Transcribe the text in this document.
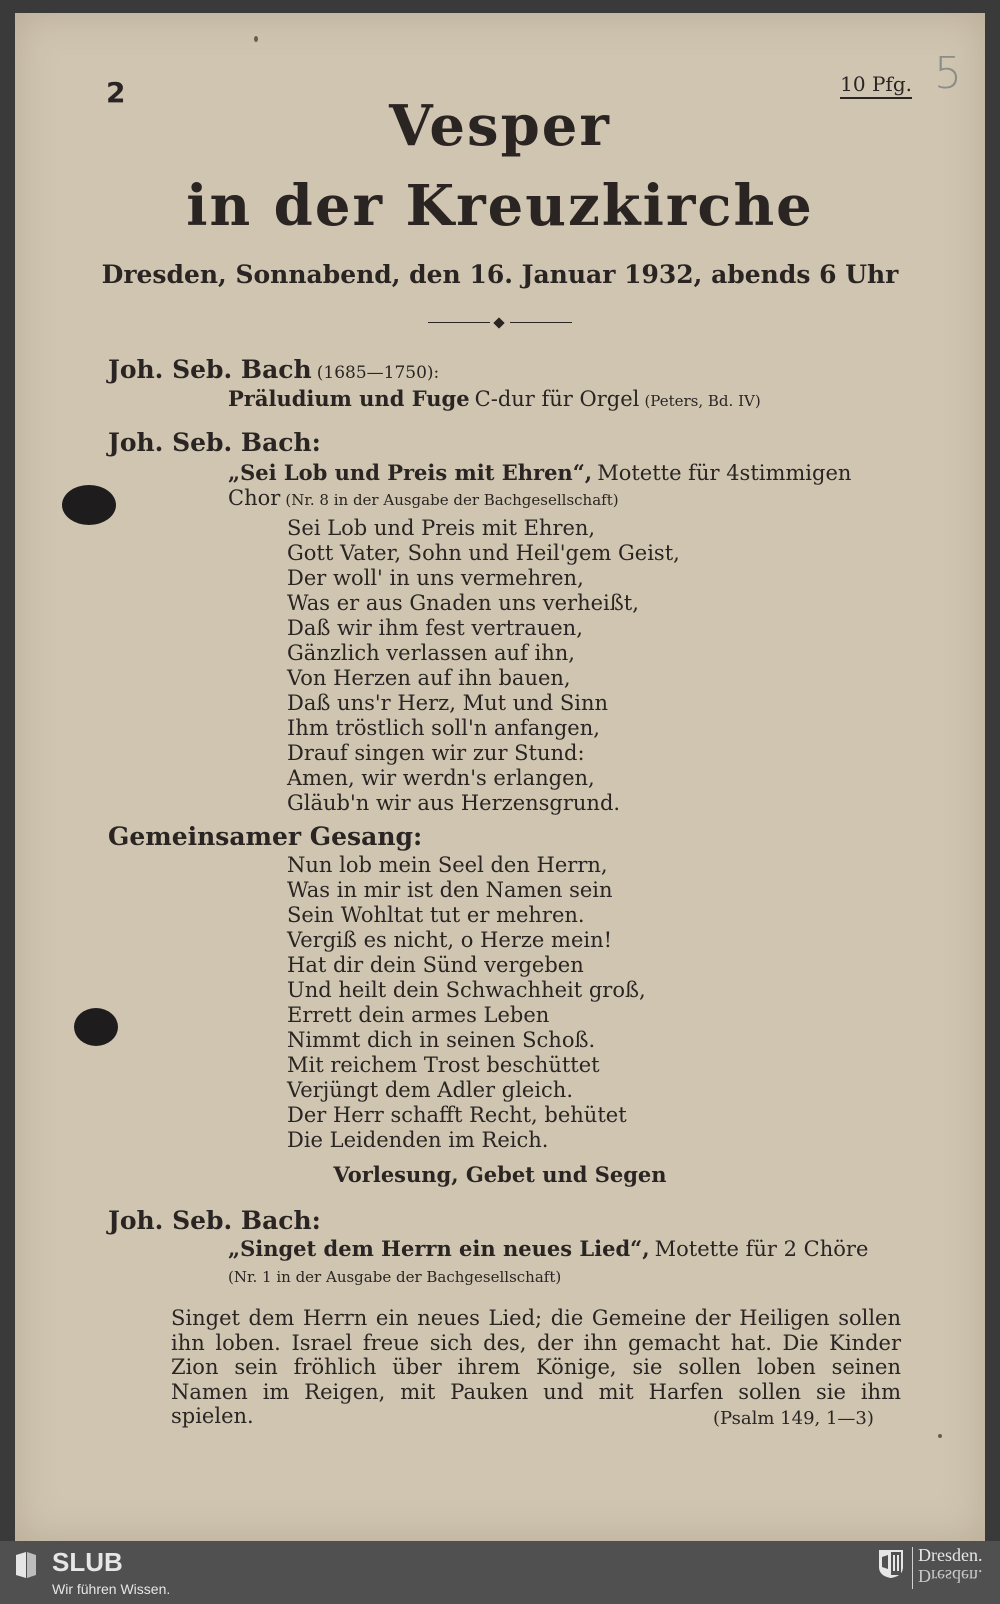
2	10 Pfg. 5
Vesper
in der Kreuzkirche
Dresden, Sonnabend, den 16. Januar 1932, abends 6 Uhr
Joh. Seb. Bach (1685—1750):
Präludium und Fuge C-dur für Orgel (Peters, Bd. IV)
Joh. Seb. Bach:
„Sei Lob und Preis mit Ehren“, Motette für 4stimmigen
Chor (Nr. 8 in der Ausgabe der Bachgesellschaft)
Sei Lob und Preis mit Ehren,
Gott Vater, Sohn und Heil'gem Geist,
Der woll' in uns vermehren,
Was er aus Gnaden uns verheißt,
Daß wir ihm fest vertrauen,
Gänzlich verlassen auf ihn,
Von Herzen auf ihn bauen,
Daß uns'r Herz, Mut und Sinn
Ihm tröstlich soll'n anfangen,
Drauf singen wir zur Stund:
Amen, wir werdn's erlangen,
Gläub'n wir aus Herzensgrund.
Gemeinsamer Gesang:
Nun lob mein Seel den Herrn,
Was in mir ist den Namen sein
Sein Wohltat tut er mehren.
Vergiß es nicht, o Herze mein!
Hat dir dein Sünd vergeben
Und heilt dein Schwachheit groß,
Errett dein armes Leben
Nimmt dich in seinen Schoß.
Mit reichem Trost beschüttet
Verjüngt dem Adler gleich.
Der Herr schafft Recht, behütet
Die Leidenden im Reich.
Vorlesung, Gebet und Segen
Joh. Seb. Bach:
„Singet dem Herrn ein neues Lied“, Motette für 2 Chöre
(Nr. 1 in der Ausgabe der Bachgesellschaft)
Singet dem Herrn ein neues Lied; die Gemeine der Heiligen sollen ihn loben. Israel freue sich des, der ihn gemacht hat. Die Kinder Zion sein fröhlich über ihrem Könige, sie sollen loben seinen Namen im Reigen, mit Pauken und mit Harfen sollen sie ihm spielen.	(Psalm 149, 1—3)
SLUB
Wir führen Wissen.
Dresden.
Dresden.
